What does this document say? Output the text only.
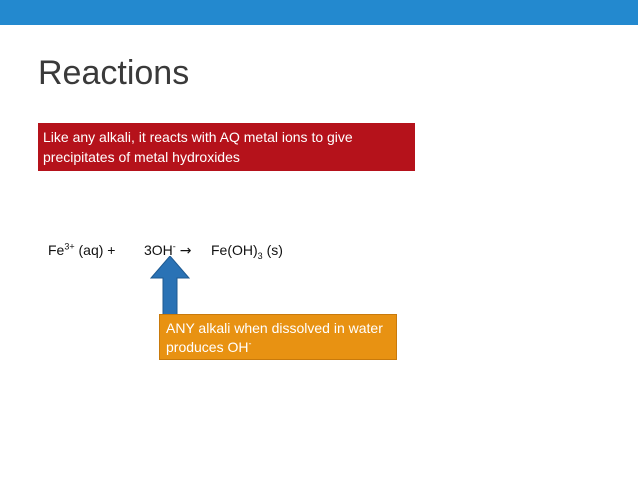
Reactions
Like any alkali, it reacts with AQ metal ions to give precipitates of metal hydroxides
$Fe^{3+}$ $(aq) + 3OH^- \to Fe(OH)_3$ (s)
ANY alkali when dissolved in water produces OH-
